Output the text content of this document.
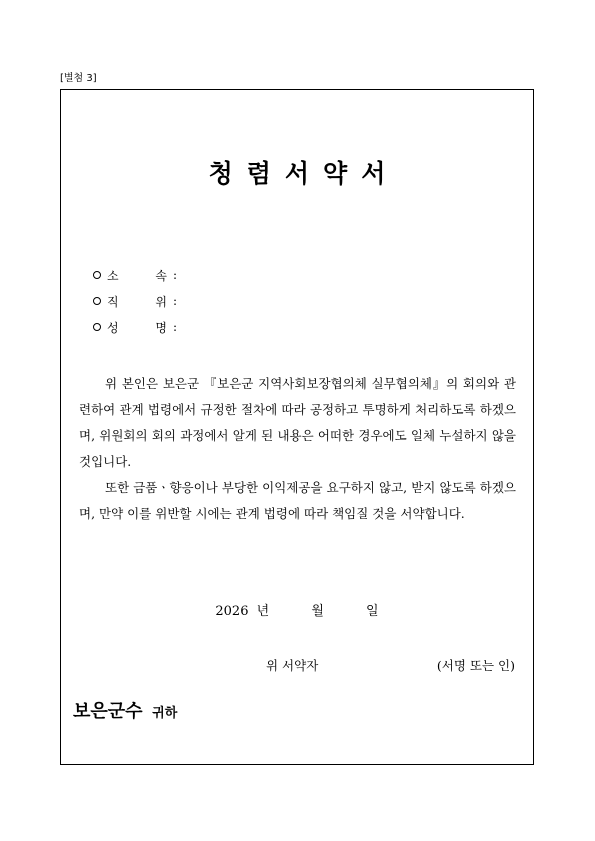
[별첨 3]
청렴서약서
소	속 :
직	위 :
성	명 :

위 본인은 보은군 『보은군 지역사회보장협의체 실무협의체』의 회의와 관련하여 관계 법령에서 규정한 절차에 따라 공정하고 투명하게 처리하도록 하겠으며, 위원회의 회의 과정에서 알게 된 내용은 어떠한 경우에도 일체 누설하지 않을 것입니다.

또한 금품ㆍ향응이나 부당한 이익제공을 요구하지 않고, 받지 않도록 하겠으며, 만약 이를 위반할 시에는 관계 법령에 따라 책임질 것을 서약합니다.

2026 년	월	일
위 서약자	(서명 또는 인)
보은군수 귀하
